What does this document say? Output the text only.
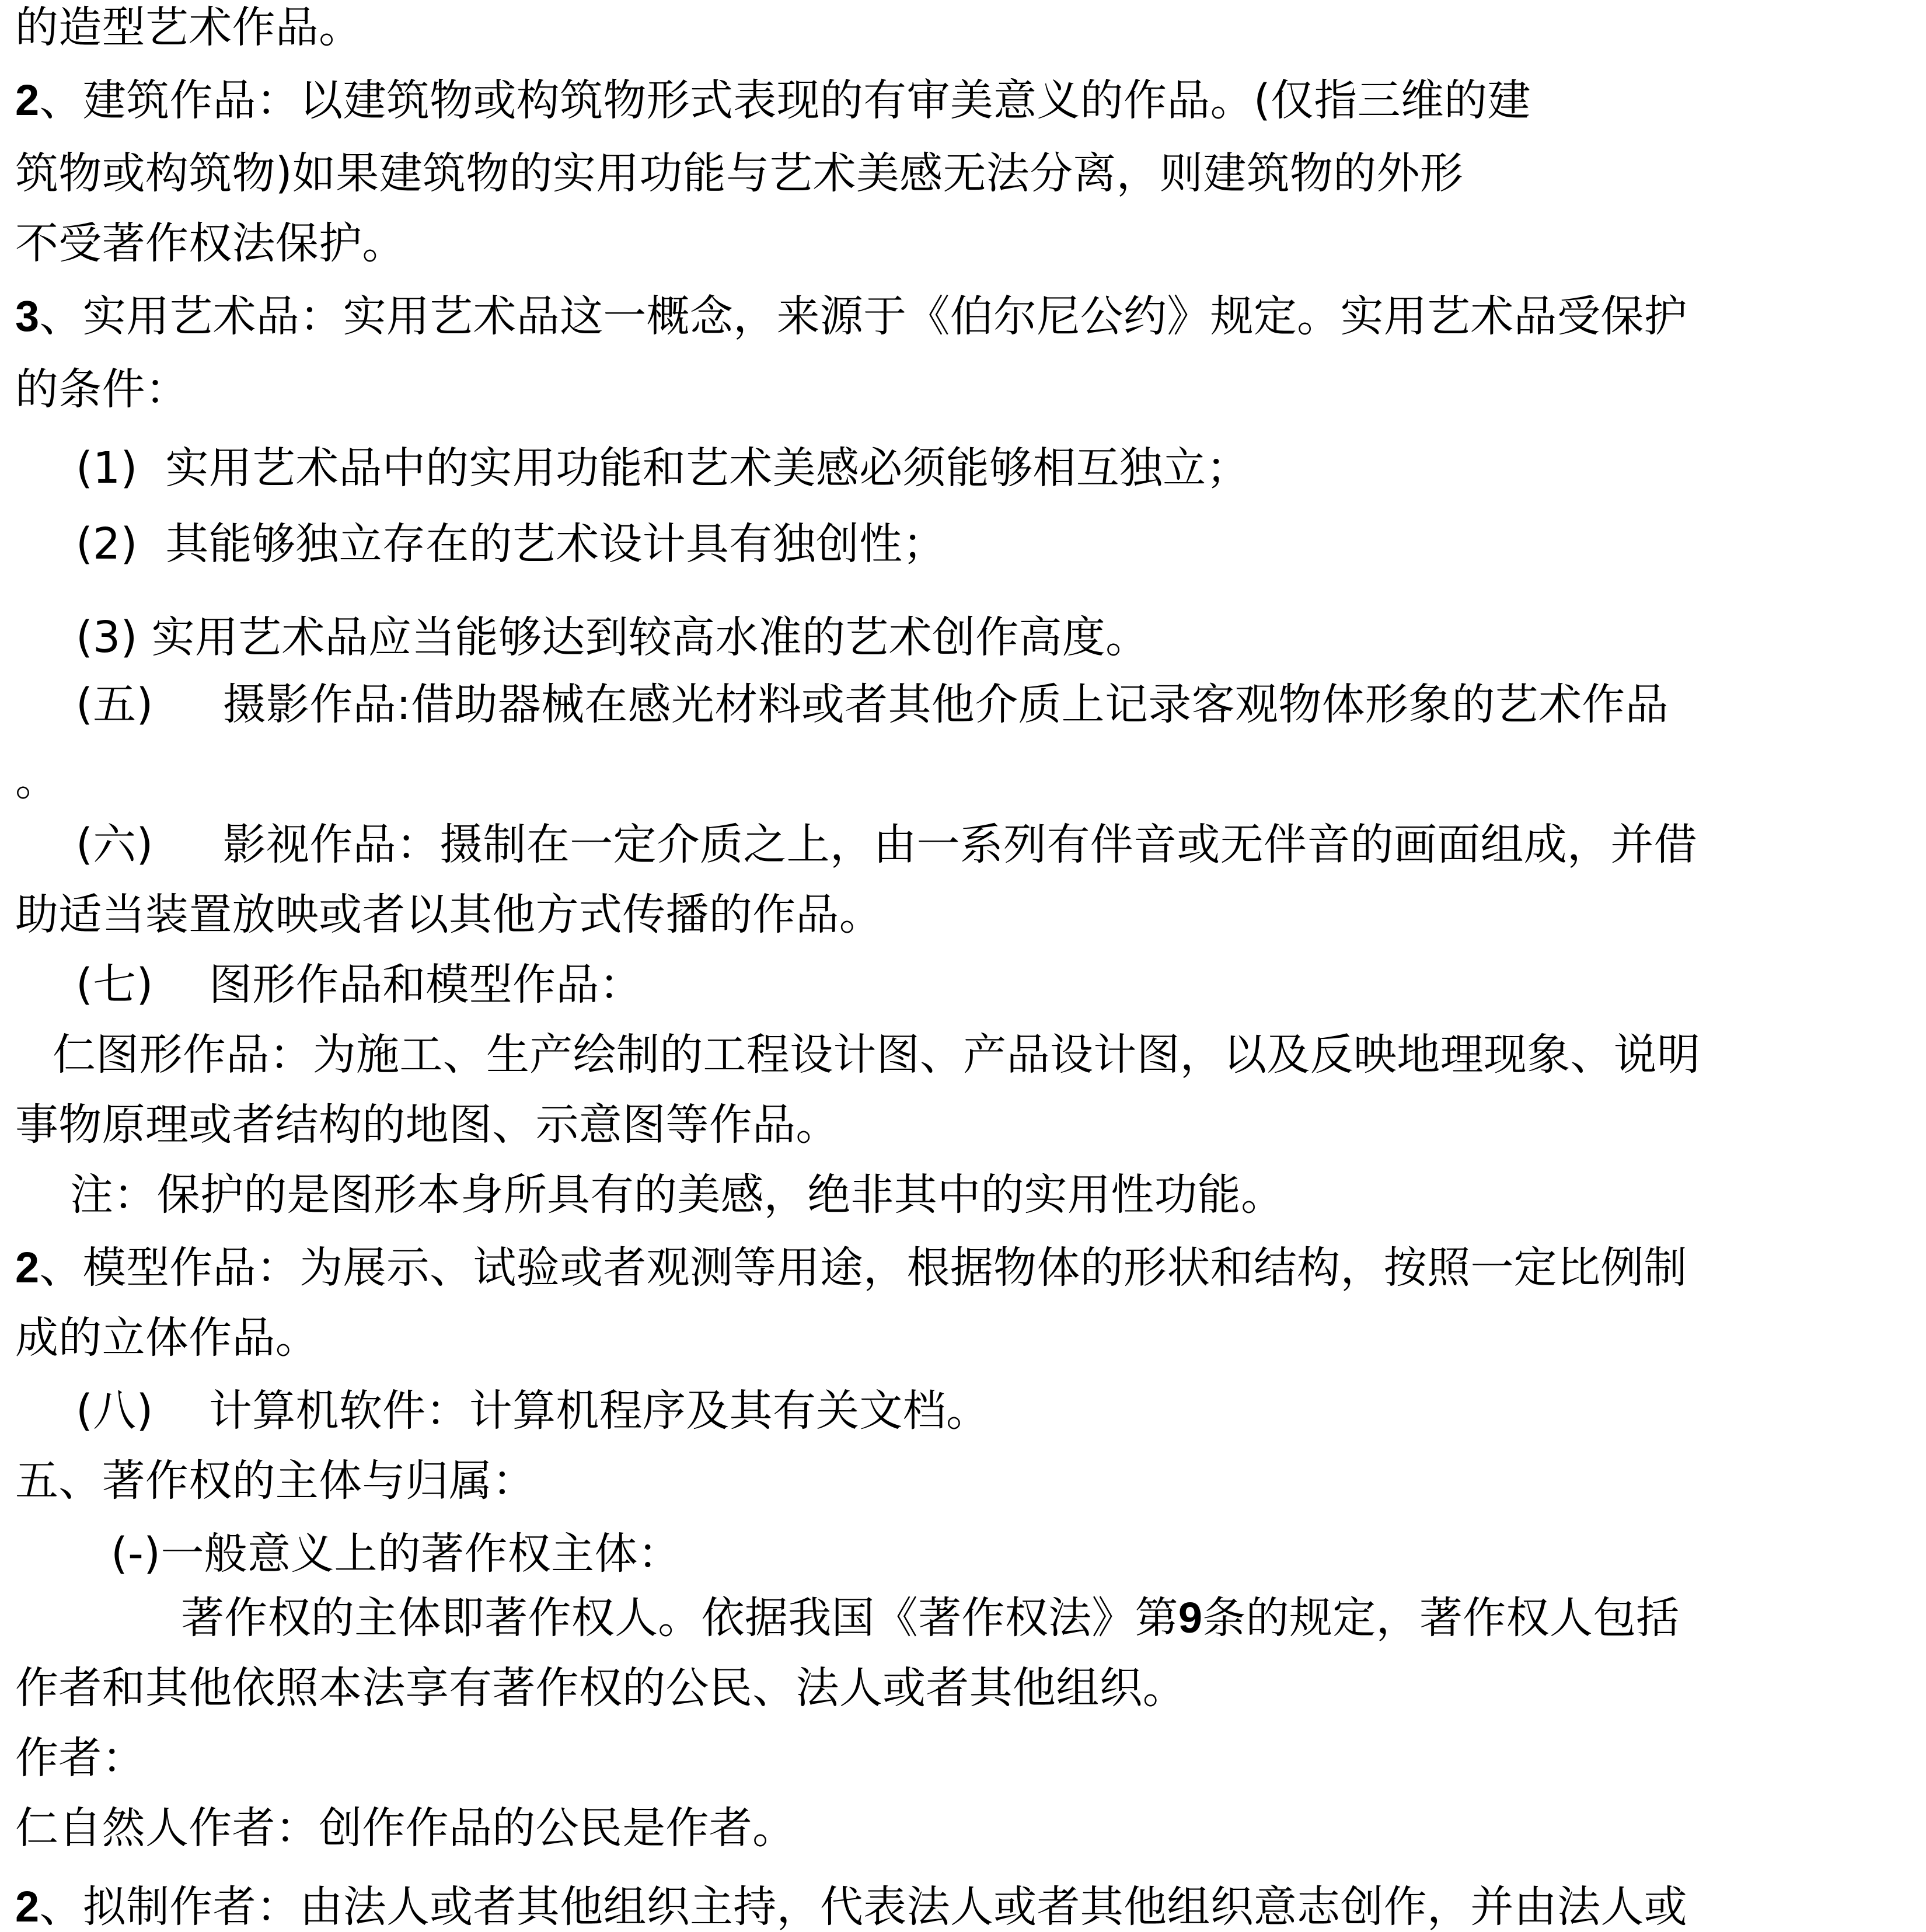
的造型艺术作品。
2、建筑作品：以建筑物或构筑物形式表现的有审美意义的作品。(仅指三维的建
筑物或构筑物)如果建筑物的实用功能与艺术美感无法分离，则建筑物的外形
不受著作权法保护。
3、实用艺术品：实用艺术品这一概念，来源于《伯尔尼公约》规定。实用艺术品受保护
的条件：
(1)  实用艺术品中的实用功能和艺术美感必须能够相互独立；
(2)  其能够独立存在的艺术设计具有独创性；
(3) 实用艺术品应当能够达到较高水准的艺术创作高度。
(五)     摄影作品:借助器械在感光材料或者其他介质上记录客观物体形象的艺术作品
。
(六)     影视作品：摄制在一定介质之上，由一系列有伴音或无伴音的画面组成，并借
助适当装置放映或者以其他方式传播的作品。
(七)    图形作品和模型作品：
仁图形作品：为施工、生产绘制的工程设计图、产品设计图，以及反映地理现象、说明
事物原理或者结构的地图、示意图等作品。
注：保护的是图形本身所具有的美感，绝非其中的实用性功能。
2、模型作品：为展示、试验或者观测等用途，根据物体的形状和结构，按照一定比例制
成的立体作品。
(八)    计算机软件：计算机程序及其有关文档。
五、著作权的主体与归属：
(-)一般意义上的著作权主体：
著作权的主体即著作权人。依据我国《著作权法》第9条的规定，著作权人包括
作者和其他依照本法享有著作权的公民、法人或者其他组织。
作者：
仁自然人作者：创作作品的公民是作者。
2、拟制作者：由法人或者其他组织主持，代表法人或者其他组织意志创作，并由法人或
